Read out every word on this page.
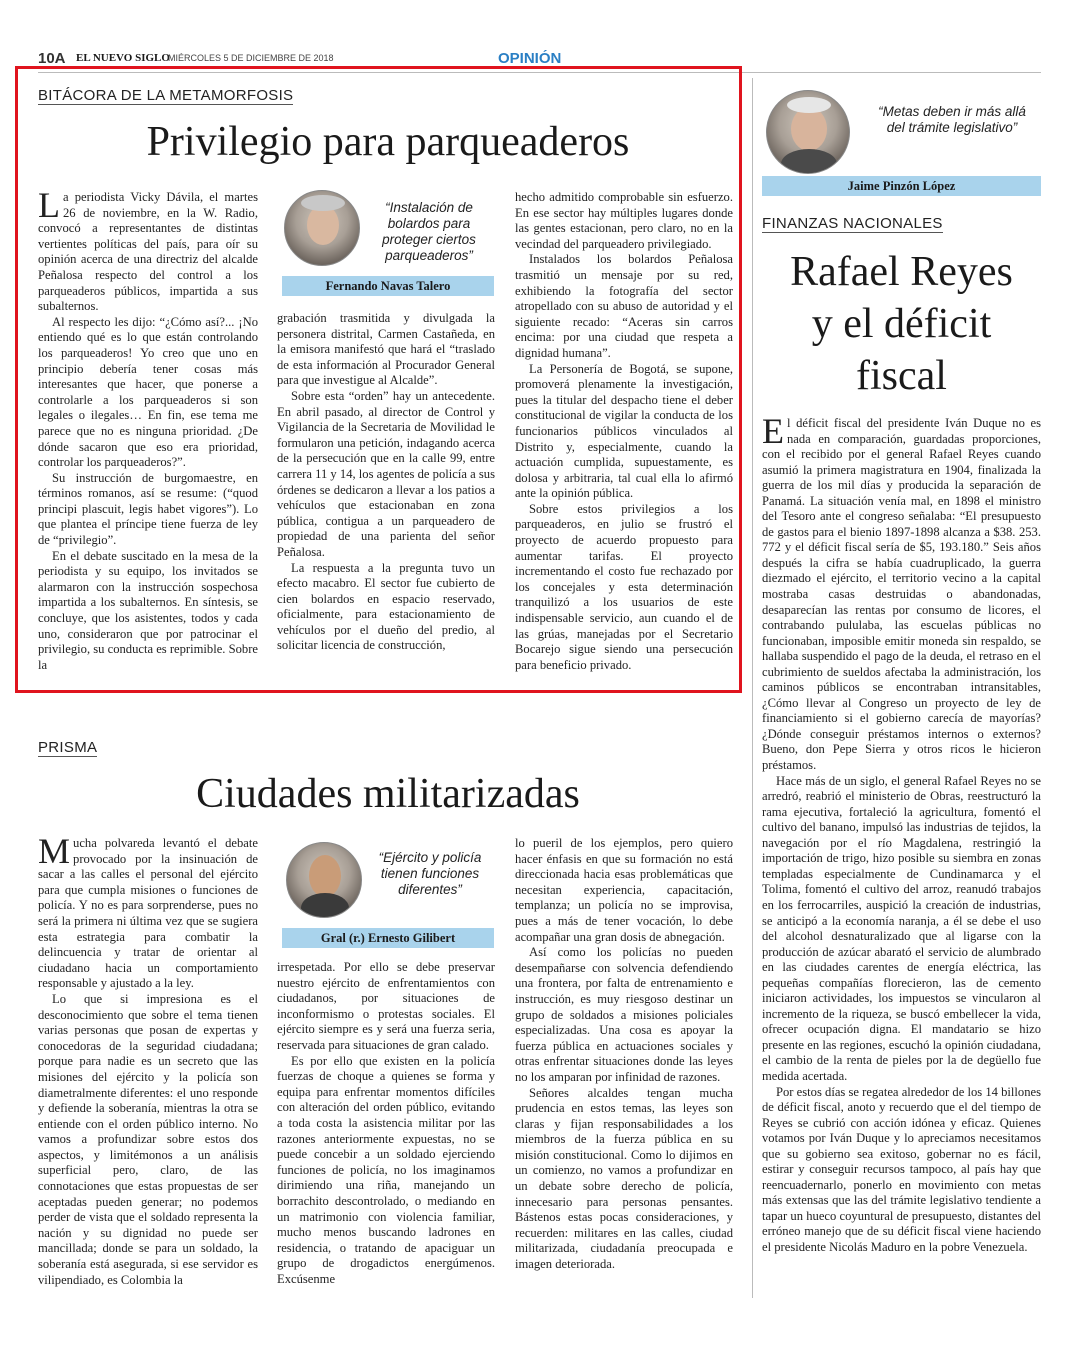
10A EL NUEVO SIGLO
MIÉRCOLES 5 DE DICIEMBRE DE 2018	OPINIÓN
BITÁCORA DE LA METAMORFOSIS
Privilegio para parqueaderos

La periodista Vicky Dávila, el martes 26 de noviembre, en la W. Radio, convocó a representantes de distintas vertientes políticas del país, para oír su opinión acerca de una directriz del alcalde Peñalosa respecto del control a los parqueaderos públicos, impartida a sus subalternos.

Al respecto les dijo: “¿Cómo así?... ¡No entiendo qué es lo que están controlando los parqueaderos! Yo creo que uno en principio debería tener cosas más interesantes que hacer, que ponerse a controlarle a los parqueaderos si son legales o ilegales… En fin, ese tema me parece que no es ninguna prioridad. ¿De dónde sacaron que eso era prioridad, controlar los parqueaderos?”.

Su instrucción de burgomaestre, en términos romanos, así se resume: (“quod principi plascuit, legis habet vigores”). Lo que plantea el príncipe tiene fuerza de ley de “privilegio”.

En el debate suscitado en la mesa de la periodista y su equipo, los invitados se alarmaron con la instrucción sospechosa impartida a los subalternos. En síntesis, se concluye, que los asistentes, todos y cada uno, consideraron que por patrocinar el privilegio, su conducta es reprimible. Sobre la

“Instalación de bolardos para proteger ciertos parqueaderos”
Fernando Navas Talero

grabación trasmitida y divulgada la personera distrital, Carmen Castañeda, en la emisora manifestó que hará el “traslado de esta información al Procurador General para que investigue al Alcalde”.

Sobre esta “orden” hay un antecedente. En abril pasado, al director de Control y Vigilancia de la Secretaria de Movilidad le formularon una petición, indagando acerca de la persecución que en la calle 99, entre carrera 11 y 14, los agentes de policía a sus órdenes se dedicaron a llevar a los patios a vehículos que estacionaban en zona pública, contigua a un parqueadero de propiedad de una parienta del señor Peñalosa.

La respuesta a la pregunta tuvo un efecto macabro. El sector fue cubierto de cien bolardos en espacio reservado, oficialmente, para estacionamiento de vehículos por el dueño del predio, al solicitar licencia de construcción,

hecho admitido comprobable sin esfuerzo. En ese sector hay múltiples lugares donde las gentes estacionan, pero claro, no en la vecindad del parqueadero privilegiado.

Instalados los bolardos Peñalosa trasmitió un mensaje por su red, exhibiendo la fotografía del sector atropellado con su abuso de autoridad y el siguiente recado: “Aceras sin carros encima: por una ciudad que respeta a dignidad humana”.

La Personería de Bogotá, se supone, promoverá plenamente la investigación, pues la titular del despacho tiene el deber constitucional de vigilar la conducta de los funcionarios públicos vinculados al Distrito y, especialmente, cuando la actuación cumplida, supuestamente, es dolosa y arbitraria, tal cual ella lo afirmó ante la opinión pública.

Sobre estos privilegios a los parqueaderos, en julio se frustró el proyecto de acuerdo propuesto para aumentar tarifas. El proyecto incrementando el costo fue rechazado por los concejales y esta determinación tranquilizó a los usuarios de este indispensable servicio, aun cuando el de las grúas, manejadas por el Secretario Bocarejo sigue siendo una persecución para beneficio privado.

PRISMA
Ciudades militarizadas

Mucha polvareda levantó el debate provocado por la insinuación de sacar a las calles el personal del ejército para que cumpla misiones o funciones de policía. Y no es para sorprenderse, pues no será la primera ni última vez que se sugiera esta estrategia para combatir la delincuencia y tratar de orientar al ciudadano hacia un comportamiento responsable y ajustado a la ley.

Lo que si impresiona es el desconocimiento que sobre el tema tienen varias personas que posan de expertas y conocedoras de la seguridad ciudadana; porque para nadie es un secreto que las misiones del ejército y la policía son diametralmente diferentes: el uno responde y defiende la soberanía, mientras la otra se entiende con el orden público interno. No vamos a profundizar sobre estos dos aspectos, y limitémonos a un análisis superficial pero, claro, de las connotaciones que estas propuestas de ser aceptadas pueden generar; no podemos perder de vista que el soldado representa la nación y su dignidad no puede ser mancillada; donde se para un soldado, la soberanía está asegurada, si ese servidor es vilipendiado, es Colombia la

“Ejército y policía tienen funciones diferentes”
Gral (r.) Ernesto Gilibert

irrespetada. Por ello se debe preservar nuestro ejército de enfrentamientos con ciudadanos, por situaciones de inconformismo o protestas sociales. El ejército siempre es y será una fuerza seria, reservada para situaciones de gran calado.

Es por ello que existen en la policía fuerzas de choque a quienes se forma y equipa para enfrentar momentos difíciles con alteración del orden público, evitando a toda costa la asistencia militar por las razones anteriormente expuestas, no se puede concebir a un soldado ejerciendo funciones de policía, no los imaginamos dirimiendo una riña, manejando un borrachito descontrolado, o mediando en un matrimonio con violencia familiar, mucho menos buscando ladrones en residencia, o tratando de apaciguar un grupo de drogadictos energúmenos. Excúsenme

lo pueril de los ejemplos, pero quiero hacer énfasis en que su formación no está direccionada hacia esas problemáticas que necesitan experiencia, capacitación, templanza; un policía no se improvisa, pues a más de tener vocación, lo debe acompañar una gran dosis de abnegación.

Así como los policías no pueden desempañarse con solvencia defendiendo una frontera, por falta de entrenamiento e instrucción, es muy riesgoso destinar un grupo de soldados a misiones policiales especializadas. Una cosa es apoyar la fuerza pública en actuaciones sociales y otras enfrentar situaciones donde las leyes no los amparan por infinidad de razones.

Señores alcaldes tengan mucha prudencia en estos temas, las leyes son claras y fijan responsabilidades a los miembros de la fuerza pública en su misión constitucional. Como lo dijimos en un comienzo, no vamos a profundizar en un debate sobre derecho de policía, innecesario para personas pensantes. Bástenos estas pocas consideraciones, y recuerden: militares en las calles, ciudad militarizada, ciudadanía preocupada e imagen deteriorada.

“Metas deben ir más allá del trámite legislativo”
Jaime Pinzón López
FINANZAS NACIONALES
Rafael Reyes
y el déficit
fiscal

El déficit fiscal del presidente Iván Duque no es nada en comparación, guardadas proporciones, con el recibido por el general Rafael Reyes cuando asumió la primera magistratura en 1904, finalizada la guerra de los mil días y producida la separación de Panamá. La situación venía mal, en 1898 el ministro del Tesoro ante el congreso señalaba: “El presupuesto de gastos para el bienio 1897-1898 alcanza a $38. 253. 772 y el déficit fiscal sería de $5, 193.180.” Seis años después la cifra se había cuadruplicado, la guerra diezmado el ejército, el territorio vecino a la capital mostraba casas destruidas o abandonadas, desaparecían las rentas por consumo de licores, el contrabando pululaba, las escuelas públicas no funcionaban, imposible emitir moneda sin respaldo, se hallaba suspendido el pago de la deuda, el retraso en el cubrimiento de sueldos afectaba la administración, los caminos públicos se encontraban intransitables, ¿Cómo llevar al Congreso un proyecto de ley de financiamiento si el gobierno carecía de mayorías? ¿Dónde conseguir préstamos internos o externos? Bueno, don Pepe Sierra y otros ricos le hicieron préstamos.

Hace más de un siglo, el general Rafael Reyes no se arredró, reabrió el ministerio de Obras, reestructuró la rama ejecutiva, fortaleció la agricultura, fomentó el cultivo del banano, impulsó las industrias de tejidos, la navegación por el río Magdalena, restringió la importación de trigo, hizo posible su siembra en zonas templadas especialmente de Cundinamarca y el Tolima, fomentó el cultivo del arroz, reanudó trabajos en los ferrocarriles, auspició la creación de industrias, se anticipó a la economía naranja, a él se debe el uso del alcohol desnaturalizado que al ligarse con la producción de azúcar abarató el servicio de alumbrado en las ciudades carentes de energía eléctrica, las pequeñas compañías florecieron, las de cemento iniciaron actividades, los impuestos se vincularon al incremento de la riqueza, se buscó embellecer la vida, ofrecer ocupación digna. El mandatario se hizo presente en las regiones, escuchó la opinión ciudadana, el cambio de la renta de pieles por la de degüello fue medida acertada.

Por estos días se regatea alrededor de los 14 billones de déficit fiscal, anoto y recuerdo que el del tiempo de Reyes se cubrió con acción idónea y eficaz. Quienes votamos por Iván Duque y lo apreciamos necesitamos que su gobierno sea exitoso, gobernar no es fácil, estirar y conseguir recursos tampoco, al país hay que reencuadernarlo, ponerlo en movimiento con metas más extensas que las del trámite legislativo tendiente a tapar un hueco coyuntural de presupuesto, distantes del erróneo manejo que de su déficit fiscal viene haciendo el presidente Nicolás Maduro en la pobre Venezuela.
